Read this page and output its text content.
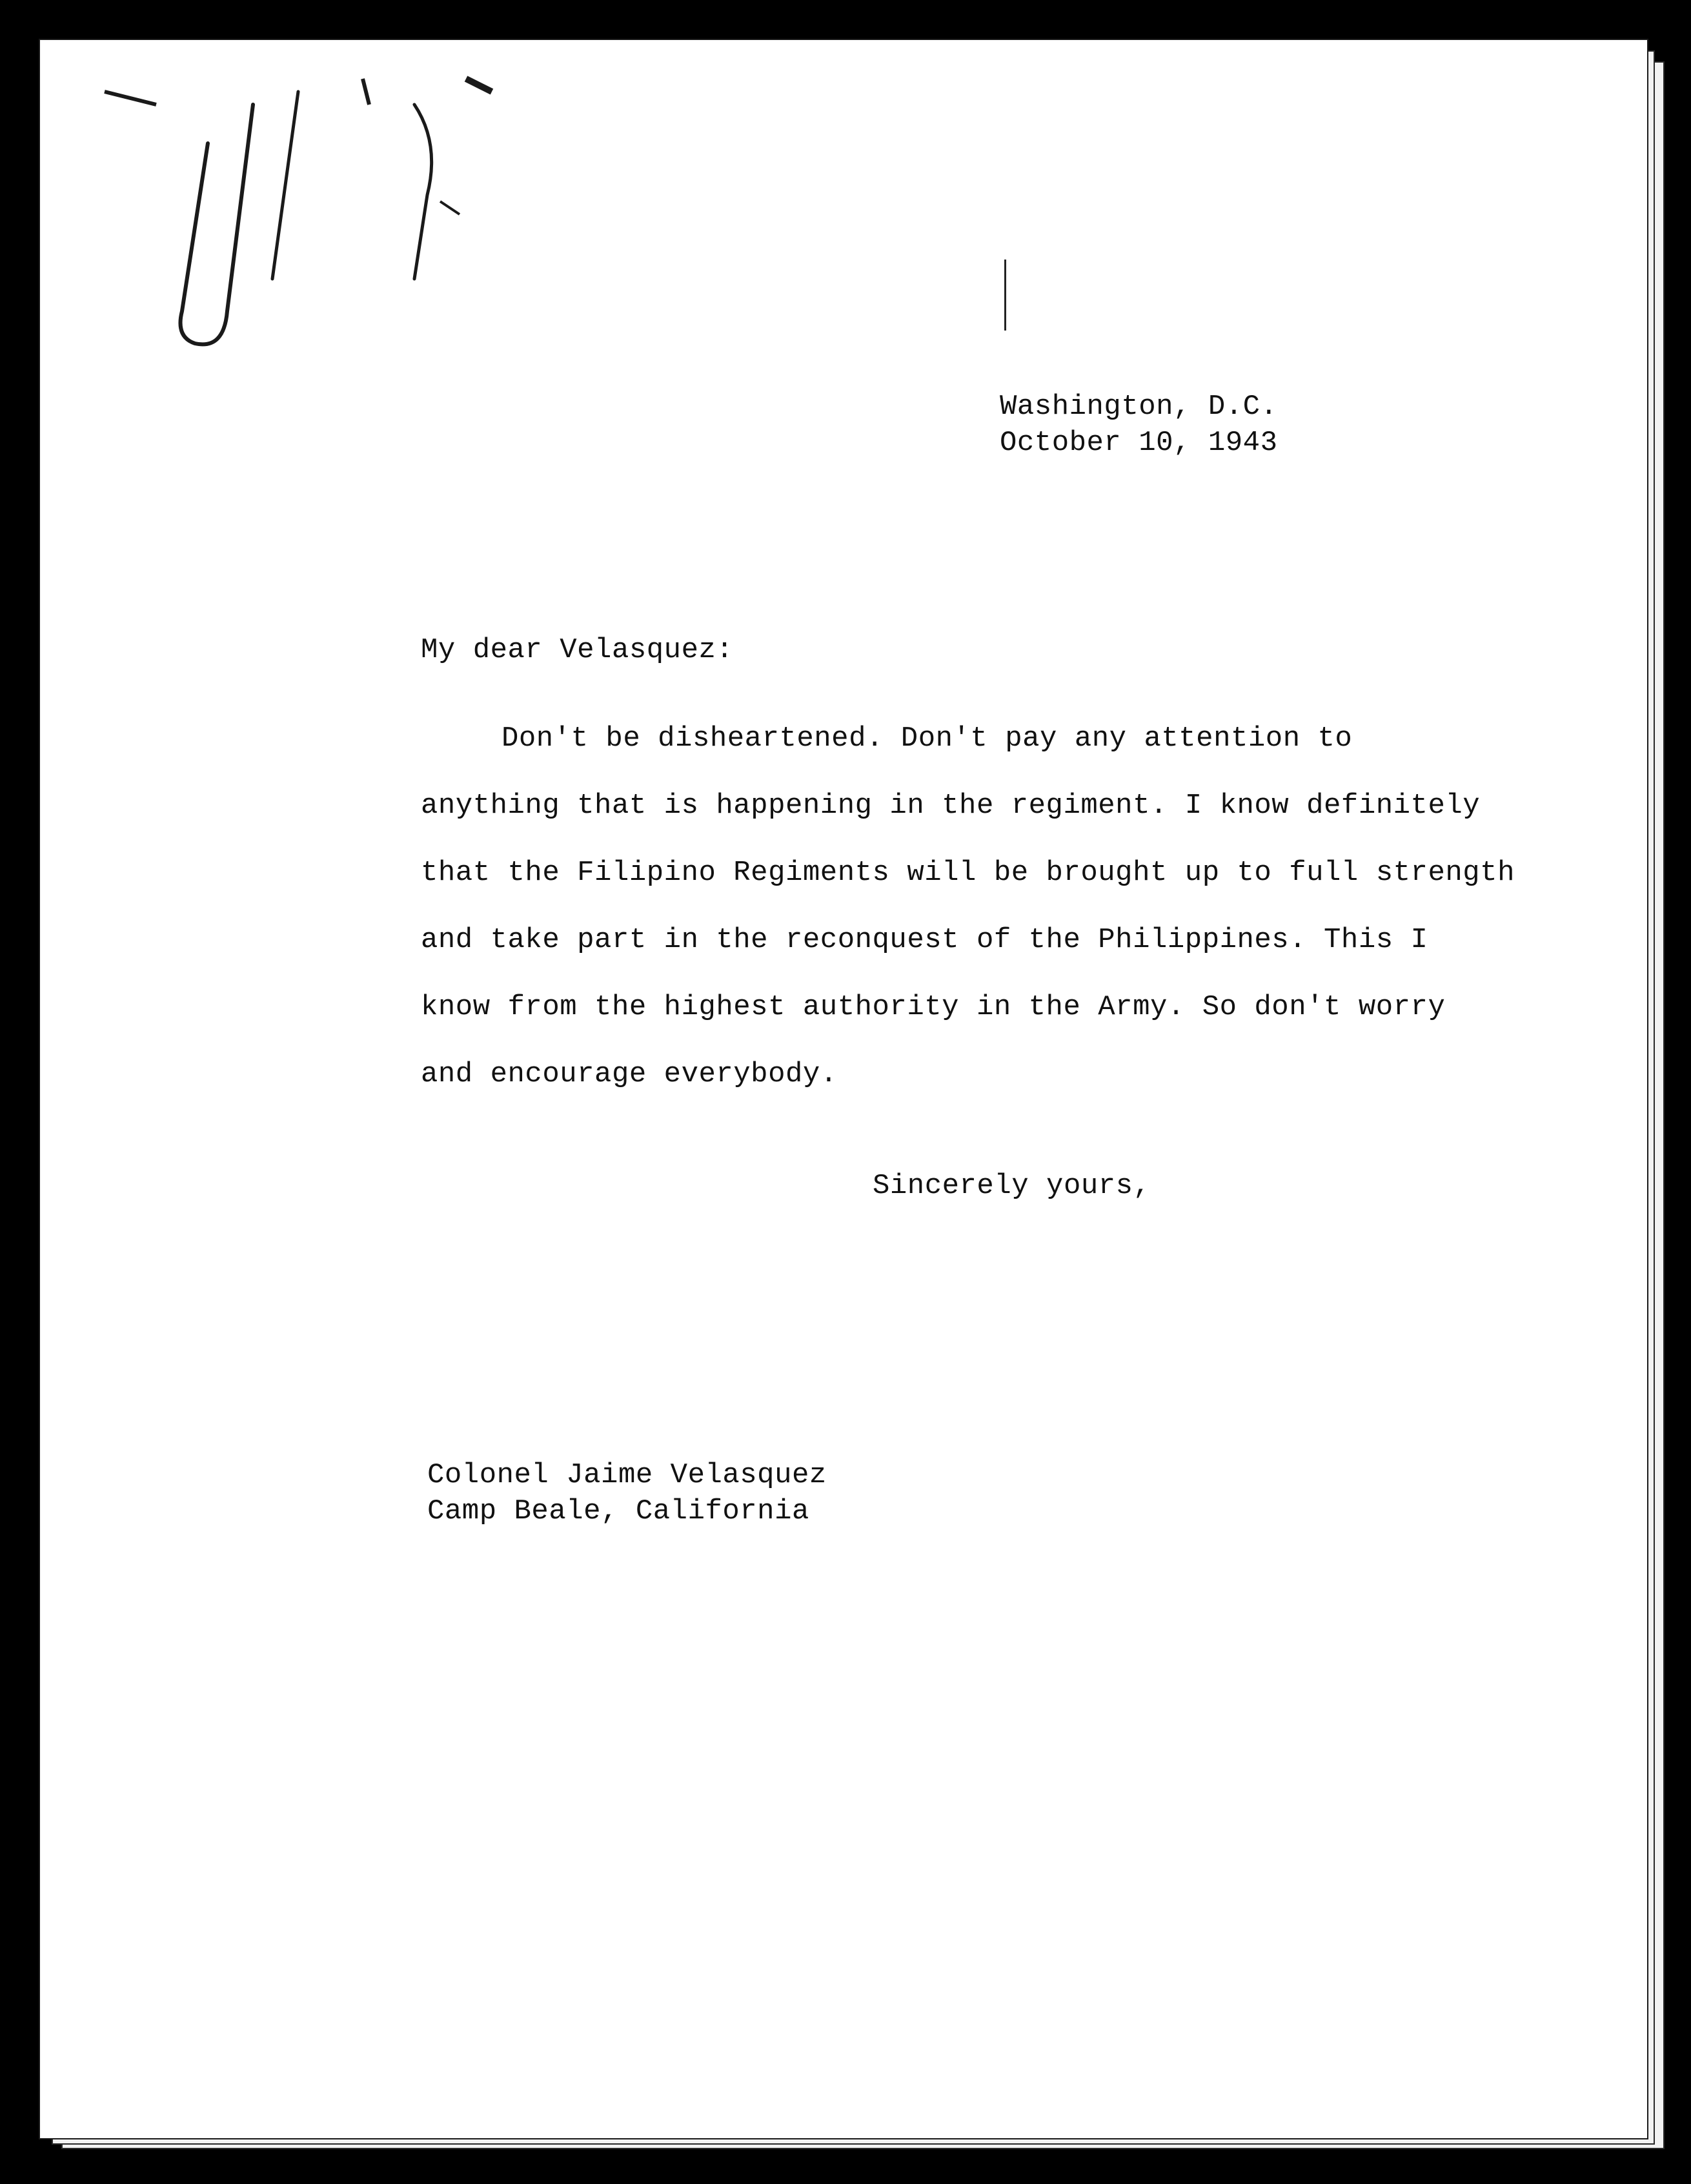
Washington, D.C.
October 10, 1943
My dear Velasquez:
Don't be disheartened. Don't pay any attention to
anything that is happening in the regiment. I know definitely
that the Filipino Regiments will be brought up to full strength
and take part in the reconquest of the Philippines. This I
know from the highest authority in the Army. So don't worry
and encourage everybody.
Sincerely yours,
Colonel Jaime Velasquez
Camp Beale, California
